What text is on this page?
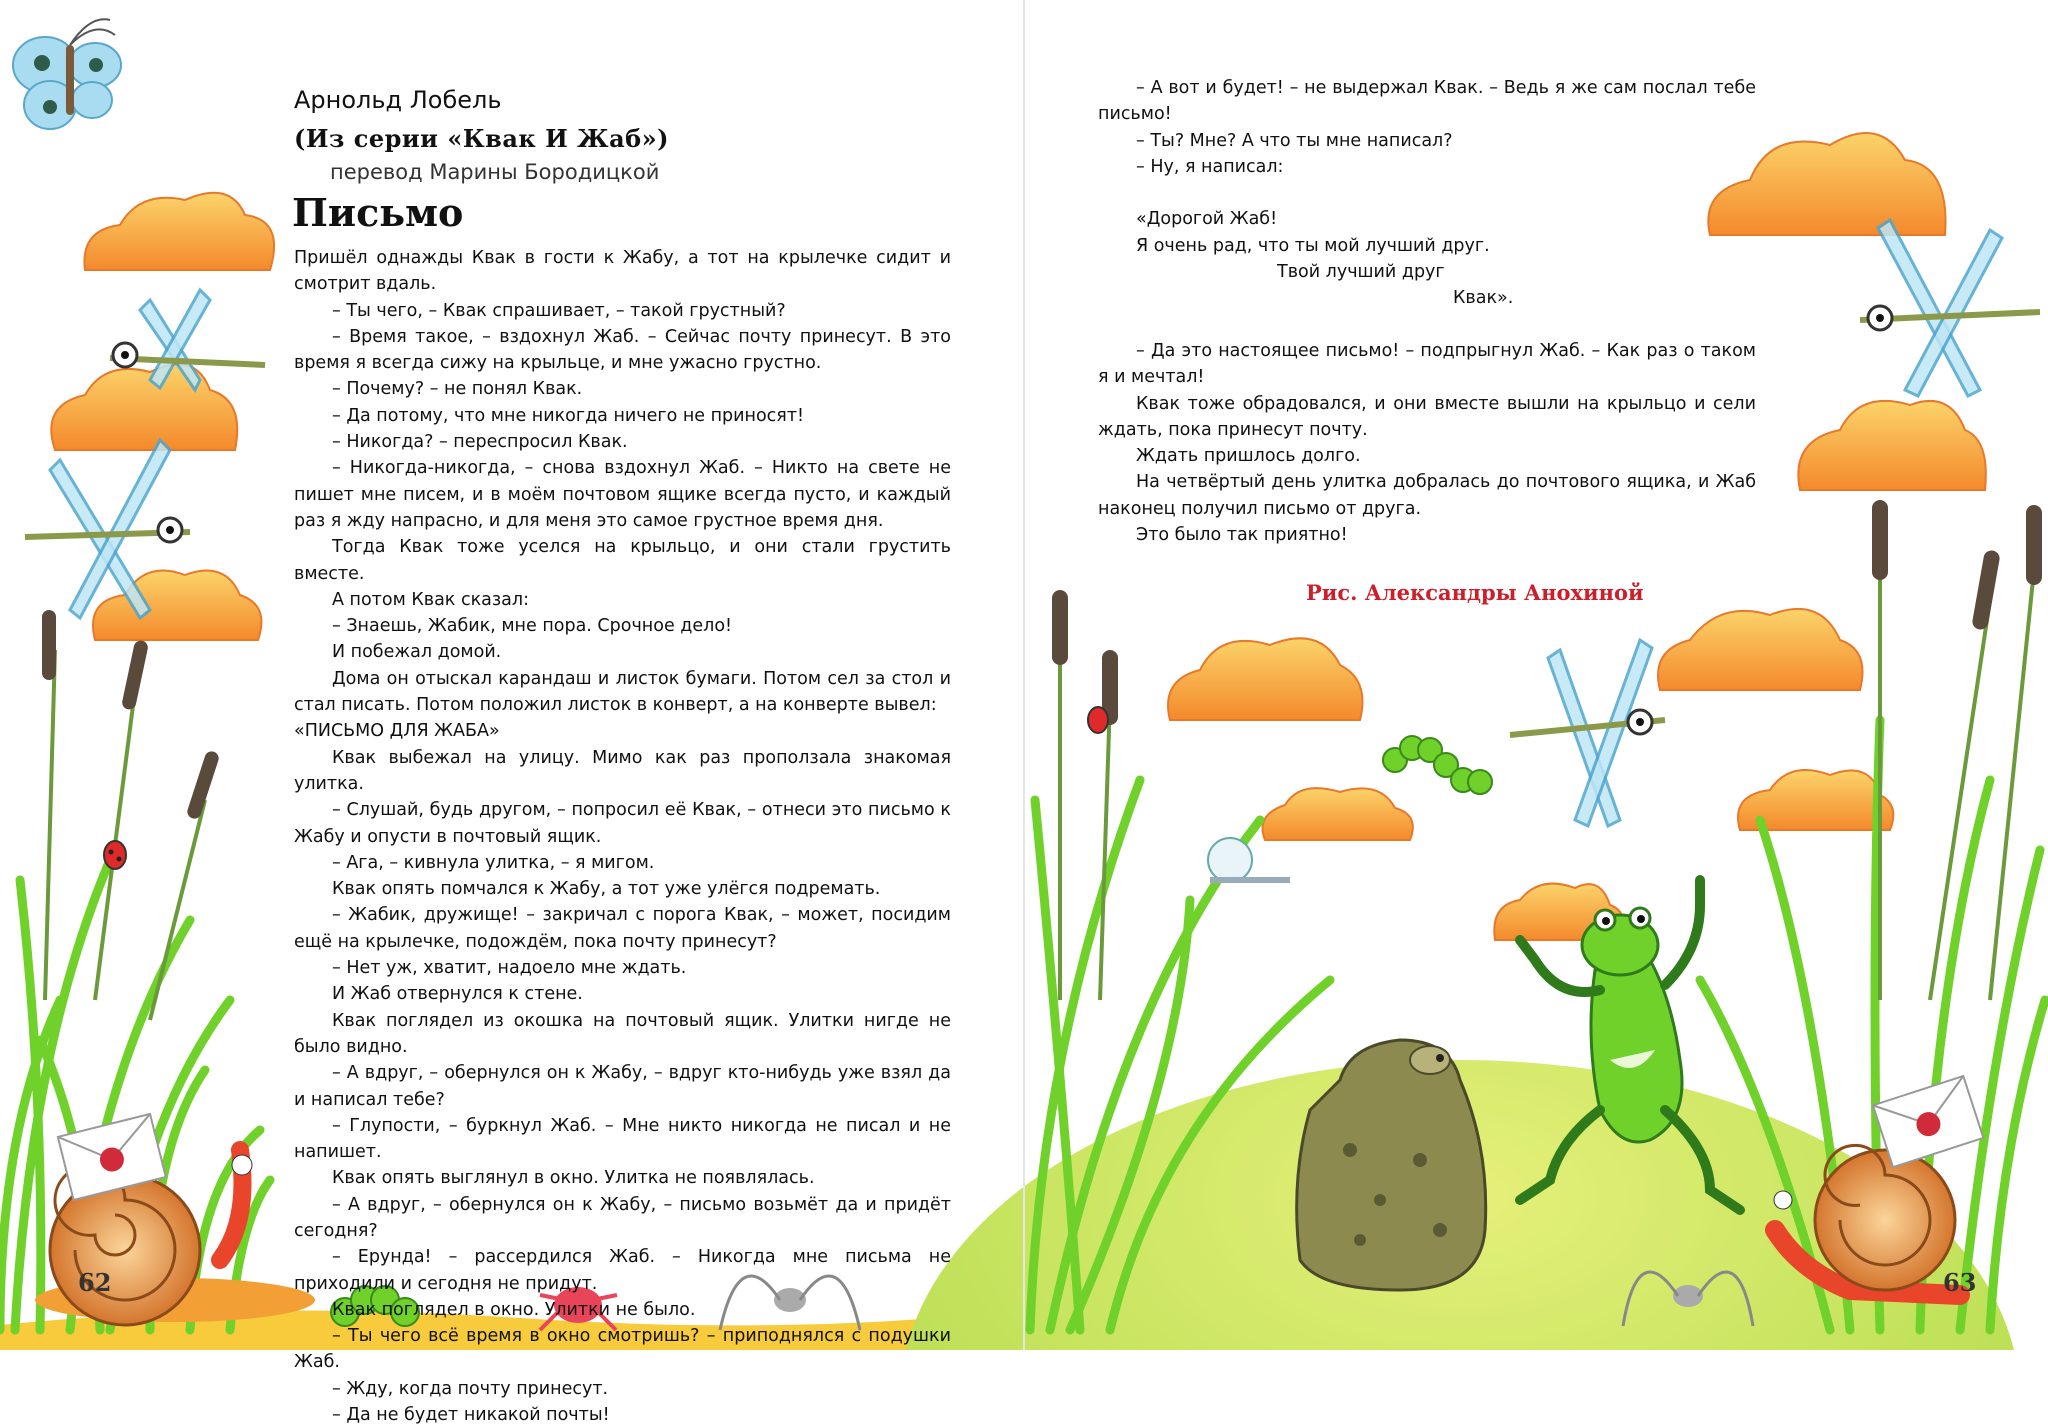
Арнольд Лобель
(Из серии «Квак И Жаб»)
перевод Марины Бородицкой
Письмо

Пришёл однажды Квак в гости к Жабу, а тот на крылечке сидит и смотрит вдаль.

– Ты чего, – Квак спрашивает, – такой грустный?

– Время такое, – вздохнул Жаб. – Сейчас почту принесут. В это время я всегда сижу на крыльце, и мне ужасно грустно.

– Почему? – не понял Квак.

– Да потому, что мне никогда ничего не приносят!

– Никогда? – переспросил Квак.

– Никогда-никогда, – снова вздохнул Жаб. – Никто на свете не пишет мне писем, и в моём почтовом ящике всегда пусто, и каждый раз я жду напрасно, и для меня это самое грустное время дня.

Тогда Квак тоже уселся на крыльцо, и они стали грустить вместе.

А потом Квак сказал:

– Знаешь, Жабик, мне пора. Срочное дело!

И побежал домой.

Дома он отыскал карандаш и листок бумаги. Потом сел за стол и стал писать. Потом положил листок в конверт, а на конверте вывел:

«ПИСЬМО ДЛЯ ЖАБА»

Квак выбежал на улицу. Мимо как раз проползала знакомая улитка.

– Слушай, будь другом, – попросил её Квак, – отнеси это письмо к Жабу и опусти в почтовый ящик.

– Ага, – кивнула улитка, – я мигом.

Квак опять помчался к Жабу, а тот уже улёгся подремать.

– Жабик, дружище! – закричал с порога Квак, – может, посидим ещё на крылечке, подождём, пока почту принесут?

– Нет уж, хватит, надоело мне ждать.

И Жаб отвернулся к стене.

Квак поглядел из окошка на почтовый ящик. Улитки нигде не было видно.

– А вдруг, – обернулся он к Жабу, – вдруг кто-нибудь уже взял да и написал тебе?

– Глупости, – буркнул Жаб. – Мне никто никогда не писал и не напишет.

Квак опять выглянул в окно. Улитка не появлялась.

– А вдруг, – обернулся он к Жабу, – письмо возьмёт да и придёт сегодня?

– Ерунда! – рассердился Жаб. – Никогда мне письма не приходили и сегодня не придут.

Квак поглядел в окно. Улитки не было.

– Ты чего всё время в окно смотришь? – приподнялся с подушки Жаб.

– Жду, когда почту принесут.

– Да не будет никакой почты!

– А вот и будет! – не выдержал Квак. – Ведь я же сам послал тебе письмо!

– Ты? Мне? А что ты мне написал?

– Ну, я написал:

«Дорогой Жаб!

Я очень рад, что ты мой лучший друг.

Твой лучший друг

Квак».

– Да это настоящее письмо! – подпрыгнул Жаб. – Как раз о таком я и мечтал!

Квак тоже обрадовался, и они вместе вышли на крыльцо и сели ждать, пока принесут почту.

Ждать пришлось долго.

На четвёртый день улитка добралась до почтового ящика, и Жаб наконец получил письмо от друга.

Это было так приятно!

Рис. Александры Анохиной
62	63
